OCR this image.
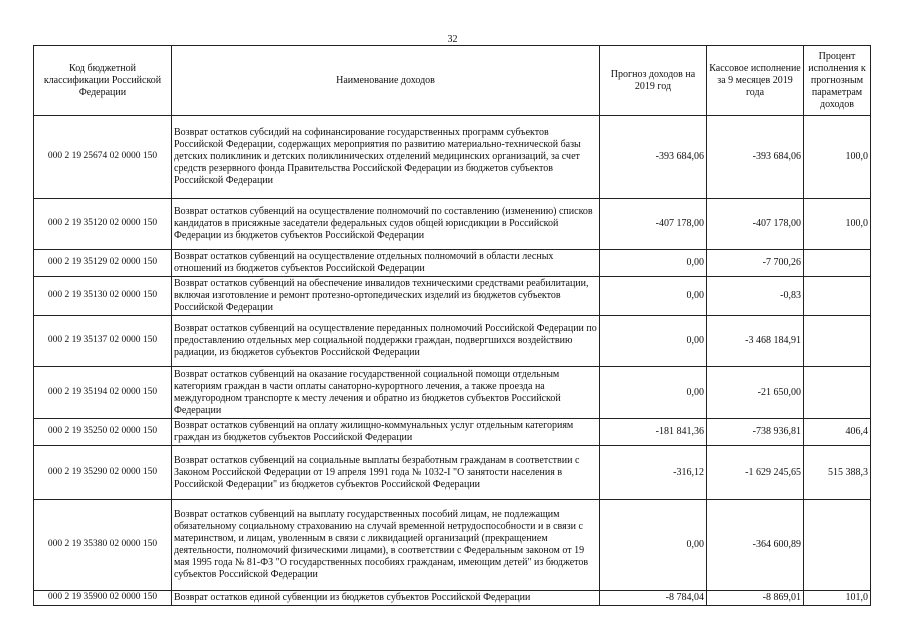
32
Код бюджетной классификации Российской Федерации	Наименование доходов	Прогноз доходов на 2019 год	Кассовое исполнение за 9 месяцев 2019 года	Процент исполнения к прогнозным параметрам доходов
000 2 19 25674 02 0000 150	Возврат остатков субсидий на софинансирование государственных программ субъектов Российской Федерации, содержащих мероприятия по развитию материально-технической базы детских поликлиник и детских поликлинических отделений медицинских организаций, за счет средств резервного фонда Правительства Российской Федерации из бюджетов субъектов Российской Федерации	-393 684,06	-393 684,06	100,0
000 2 19 35120 02 0000 150	Возврат остатков субвенций на осуществление полномочий по составлению (изменению) списков кандидатов в присяжные заседатели федеральных судов общей юрисдикции в Российской Федерации из бюджетов субъектов Российской Федерации	-407 178,00	-407 178,00	100,0
000 2 19 35129 02 0000 150	Возврат остатков субвенций на осуществление отдельных полномочий в области лесных отношений из бюджетов субъектов Российской Федерации	0,00	-7 700,26	
000 2 19 35130 02 0000 150	Возврат остатков субвенций на обеспечение инвалидов техническими средствами реабилитации, включая изготовление и ремонт протезно-ортопедических изделий из бюджетов субъектов Российской Федерации	0,00	-0,83	
000 2 19 35137 02 0000 150	Возврат остатков субвенций на осуществление переданных полномочий Российской Федерации по предоставлению отдельных мер социальной поддержки граждан, подвергшихся воздействию радиации, из бюджетов субъектов Российской Федерации	0,00	-3 468 184,91	
000 2 19 35194 02 0000 150	Возврат остатков субвенций на оказание государственной социальной помощи отдельным категориям граждан в части оплаты санаторно-курортного лечения, а также проезда на междугородном транспорте к месту лечения и обратно из бюджетов субъектов Российской Федерации	0,00	-21 650,00	
000 2 19 35250 02 0000 150	Возврат остатков субвенций на оплату жилищно-коммунальных услуг отдельным категориям граждан из бюджетов субъектов Российской Федерации	-181 841,36	-738 936,81	406,4
000 2 19 35290 02 0000 150	Возврат остатков субвенций на социальные выплаты безработным гражданам в соответствии с Законом Российской Федерации от 19 апреля 1991 года № 1032-I "О занятости населения в Российской Федерации" из бюджетов субъектов Российской Федерации	-316,12	-1 629 245,65	515 388,3
000 2 19 35380 02 0000 150	Возврат остатков субвенций на выплату государственных пособий лицам, не подлежащим обязательному социальному страхованию на случай временной нетрудоспособности и в связи с материнством, и лицам, уволенным в связи с ликвидацией организаций (прекращением деятельности, полномочий физическими лицами), в соответствии с Федеральным законом от 19 мая 1995 года № 81-ФЗ "О государственных пособиях гражданам, имеющим детей" из бюджетов субъектов Российской Федерации	0,00	-364 600,89	
000 2 19 35900 02 0000 150	Возврат остатков единой субвенции из бюджетов субъектов Российской Федерации	-8 784,04	-8 869,01	101,0
